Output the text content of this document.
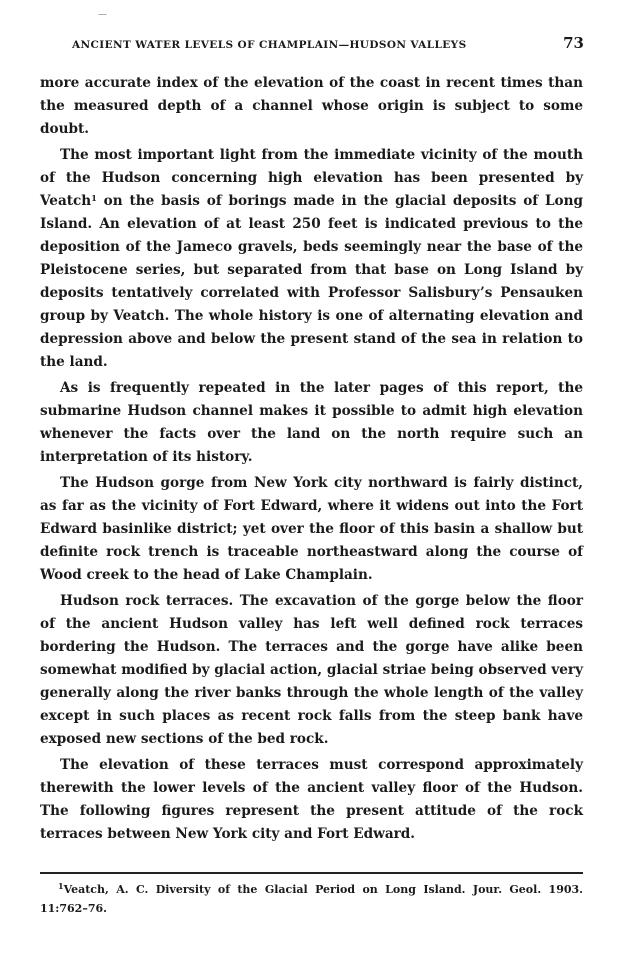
—
ANCIENT WATER LEVELS OF CHAMPLAIN—HUDSON VALLEYS	73

more accurate index of the elevation of the coast in recent times than the measured depth of a channel whose origin is subject to some doubt.

The most important light from the immediate vicinity of the mouth of the Hudson concerning high elevation has been presented by Veatch$^1$ on the basis of borings made in the glacial deposits of Long Island. An elevation of at least 250 feet is indicated previous to the deposition of the Jameco gravels, beds seemingly near the base of the Pleistocene series, but separated from that base on Long Island by deposits tentatively correlated with Professor Salisbury’s Pensauken group by Veatch. The whole history is one of alternating elevation and depression above and below the present stand of the sea in relation to the land.

As is frequently repeated in the later pages of this report, the submarine Hudson channel makes it possible to admit high elevation whenever the facts over the land on the north require such an interpretation of its history.

The Hudson gorge from New York city northward is fairly distinct, as far as the vicinity of Fort Edward, where it widens out into the Fort Edward basinlike district; yet over the floor of this basin a shallow but definite rock trench is traceable northeastward along the course of Wood creek to the head of Lake Champlain.

Hudson rock terraces. The excavation of the gorge below the floor of the ancient Hudson valley has left well defined rock terraces bordering the Hudson. The terraces and the gorge have alike been somewhat modified by glacial action, glacial striae being observed very generally along the river banks through the whole length of the valley except in such places as recent rock falls from the steep bank have exposed new sections of the bed rock.

The elevation of these terraces must correspond approximately therewith the lower levels of the ancient valley floor of the Hudson. The following figures represent the present attitude of the rock terraces between New York city and Fort Edward.

$^1$Veatch, A. C. Diversity of the Glacial Period on Long Island. Jour. Geol. 1903. 11:762–76.
